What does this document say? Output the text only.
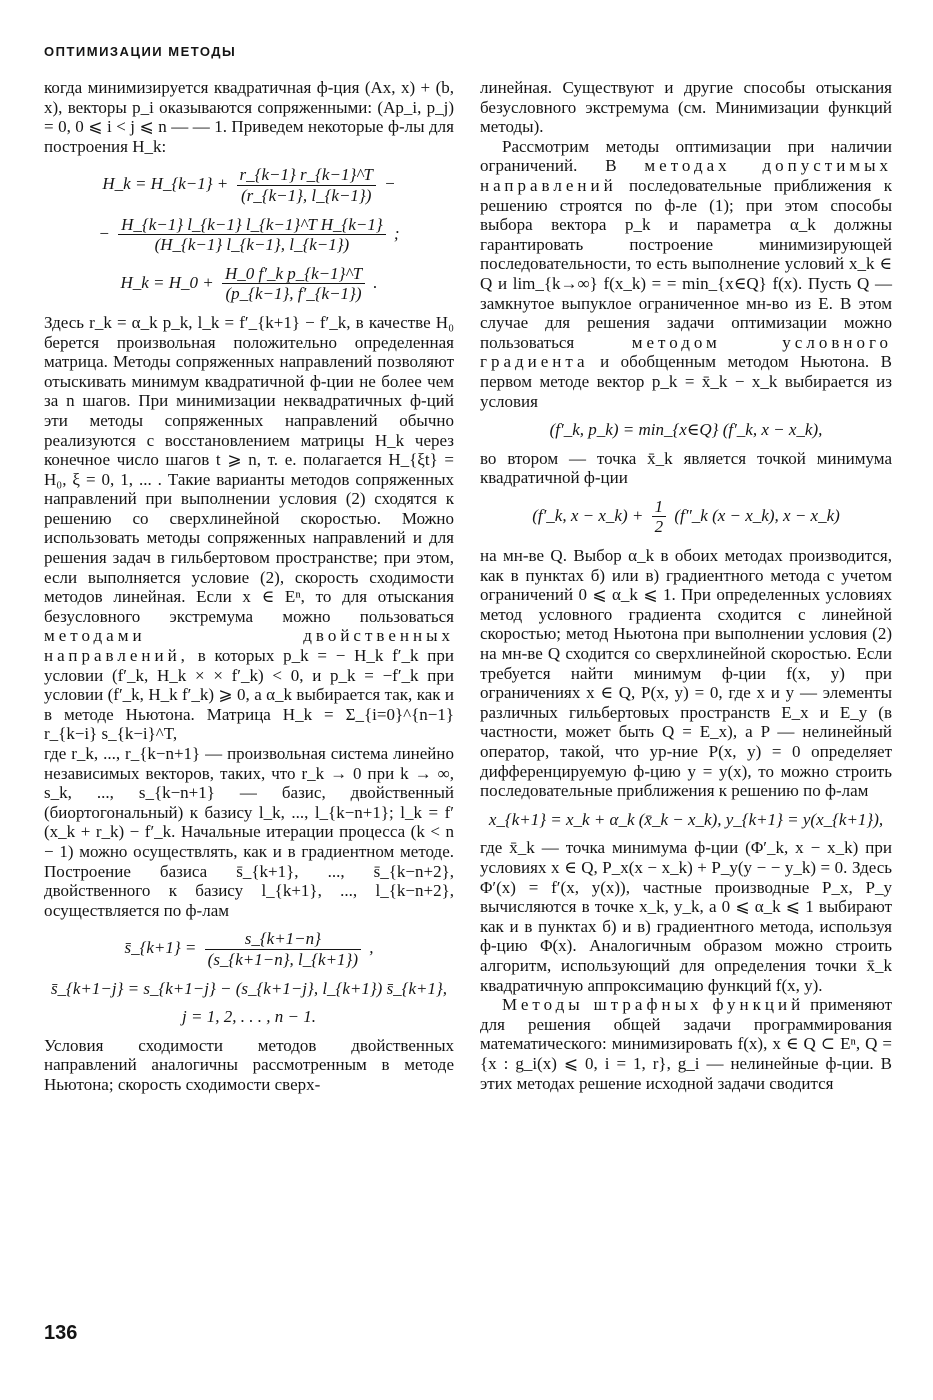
ОПТИМИЗАЦИИ МЕТОДЫ

когда минимизируется квадратичная ф-ция (Ax, x) + (b, x), векторы p_i оказываются сопряженными: (Ap_i, p_j) = 0, 0 ⩽ i < j ⩽ n — — 1. Приведем некоторые ф-лы для построения H_k:

H_k = H_{k−1} + $\frac{r\_\{k-1\} r\_\{k-1\}\^{}T}{(r\_\{k-1\}, l\_\{k-1\})}$ −
− $\frac{\text{H\_\{k−1\} l\_\{k−1\} l\_\{k−1\}\textasciicircum{}T H\_\{k−1\}}}{(H\_\{k-1\} l\_\{k-1\}, l\_\{k-1\})}$ ;
H_k = H_0 + $\frac{\text{H\_0 f′\_k p\_\{k−1\}\textasciicircum{}T}}{(p\_\{k-1\}, f'\_\{k-1\})}$ .

Здесь r_k = α_k p_k, l_k = f′_{k+1} − f′_k, в качестве H₀ берется произвольная положительно определенная матрица. Методы сопряженных направлений позволяют отыскивать минимум квадратичной ф-ции не более чем за n шагов. При минимизации неквадратичных ф-ций эти методы сопряженных направлений обычно реализуются с восстановлением матрицы H_k через конечное число шагов t ⩾ n, т. е. полагается H_{ξt} = H₀, ξ = 0, 1, ... . Такие варианты методов сопряженных направлений при выполнении условия (2) сходятся к решению со сверхлинейной скоростью. Можно использовать методы сопряженных направлений и для решения задач в гильбертовом пространстве; при этом, если выполняется условие (2), скорость сходимости методов линейная. Если x ∈ Eⁿ, то для отыскания безусловного экстремума можно пользоваться методами двойственных направлений, в которых p_k = − H_k f′_k при условии (f′_k, H_k × × f′_k) < 0, и p_k = −f′_k при условии (f′_k, H_k f′_k) ⩾ 0, а α_k выбирается так, как и в методе Ньютона. Матрица H_k = Σ_{i=0}^{n−1} r_{k−i} s_{k−i}^T,

где r_k, ..., r_{k−n+1} — произвольная система линейно независимых векторов, таких, что r_k → 0 при k → ∞, s_k, ..., s_{k−n+1} — базис, двойственный (биортогональный) к базису l_k, ..., l_{k−n+1}; l_k = f′(x_k + r_k) − f′_k. Начальные итерации процесса (k < n − 1) можно осуществлять, как и в градиентном методе. Построение базиса s̄_{k+1}, ..., s̄_{k−n+2}, двойственного к базису l_{k+1}, ..., l_{k−n+2}, осуществляется по ф-лам

s̄_{k+1} = $\frac{s\_\{k+1-n\}}{(s\_\{k+1-n\}, l\_\{k+1\})}$ ,
s̄_{k+1−j} = s_{k+1−j} − (s_{k+1−j}, l_{k+1}) s̄_{k+1},
j = 1, 2, . . . , n − 1.

Условия сходимости методов двойственных направлений аналогичны рассмотренным в методе Ньютона; скорость сходимости сверх-

линейная. Существуют и другие способы отыскания безусловного экстремума (см. Минимизации функций методы).

Рассмотрим методы оптимизации при наличии ограничений. В методах допустимых направлений последовательные приближения к решению строятся по ф-ле (1); при этом способы выбора вектора p_k и параметра α_k должны гарантировать построение минимизирующей последовательности, то есть выполнение условий x_k ∈ Q и lim_{k→∞} f(x_k) = = min_{x∈Q} f(x). Пусть Q — замкнутое выпуклое ограниченное мн-во из E. В этом случае для решения задачи оптимизации можно пользоваться	методом условного градиента и обобщенным методом Ньютона. В первом методе вектор p_k = x̄_k − x_k выбирается из условия

(f′_k, p_k) = min_{x∈Q} (f′_k, x − x_k),

во втором — точка x̄_k является точкой минимума квадратичной ф-ции

(f′_k, x − x_k) + $\frac{1}{2}$ (f″_k (x − x_k), x − x_k)

на мн-ве Q. Выбор α_k в обоих методах производится, как в пунктах б) или в) градиентного метода с учетом ограничений 0 ⩽ α_k ⩽ 1. При определенных условиях метод условного градиента сходится с линейной скоростью; метод Ньютона при выполнении условия (2) на мн-ве Q сходится со сверхлинейной скоростью. Если требуется найти минимум ф-ции f(x, y) при ограничениях x ∈ Q, P(x, y) = 0, где x и y — элементы различных гильбертовых пространств E_x и E_y (в частности, может быть Q = E_x), а P — нелинейный оператор, такой, что ур-ние P(x, y) = 0 определяет дифференцируемую ф-цию y = y(x), то можно строить последовательные приближения к решению по ф-лам

x_{k+1} = x_k + α_k (x̄_k − x_k), y_{k+1} = y(x_{k+1}),

где x̄_k — точка минимума ф-ции (Φ′_k, x − x_k) при условиях x ∈ Q, P_x(x − x_k) + P_y(y − − y_k) = 0. Здесь Φ′(x) = f′(x, y(x)), частные производные P_x, P_y вычисляются в точке x_k, y_k, а 0 ⩽ α_k ⩽ 1 выбирают как и в пунктах б) и в) градиентного метода, используя ф-цию Φ(x). Аналогичным образом можно строить алгоритм, использующий для определения точки x̄_k квадратичную аппроксимацию функций f(x, y).

Методы штрафных функций применяют для решения общей задачи программирования математического: минимизировать f(x), x ∈ Q ⊂ Eⁿ, Q = {x : g_i(x) ⩽ 0, i = 1, r}, g_i — нелинейные ф-ции. В этих методах решение исходной задачи сводится

136
